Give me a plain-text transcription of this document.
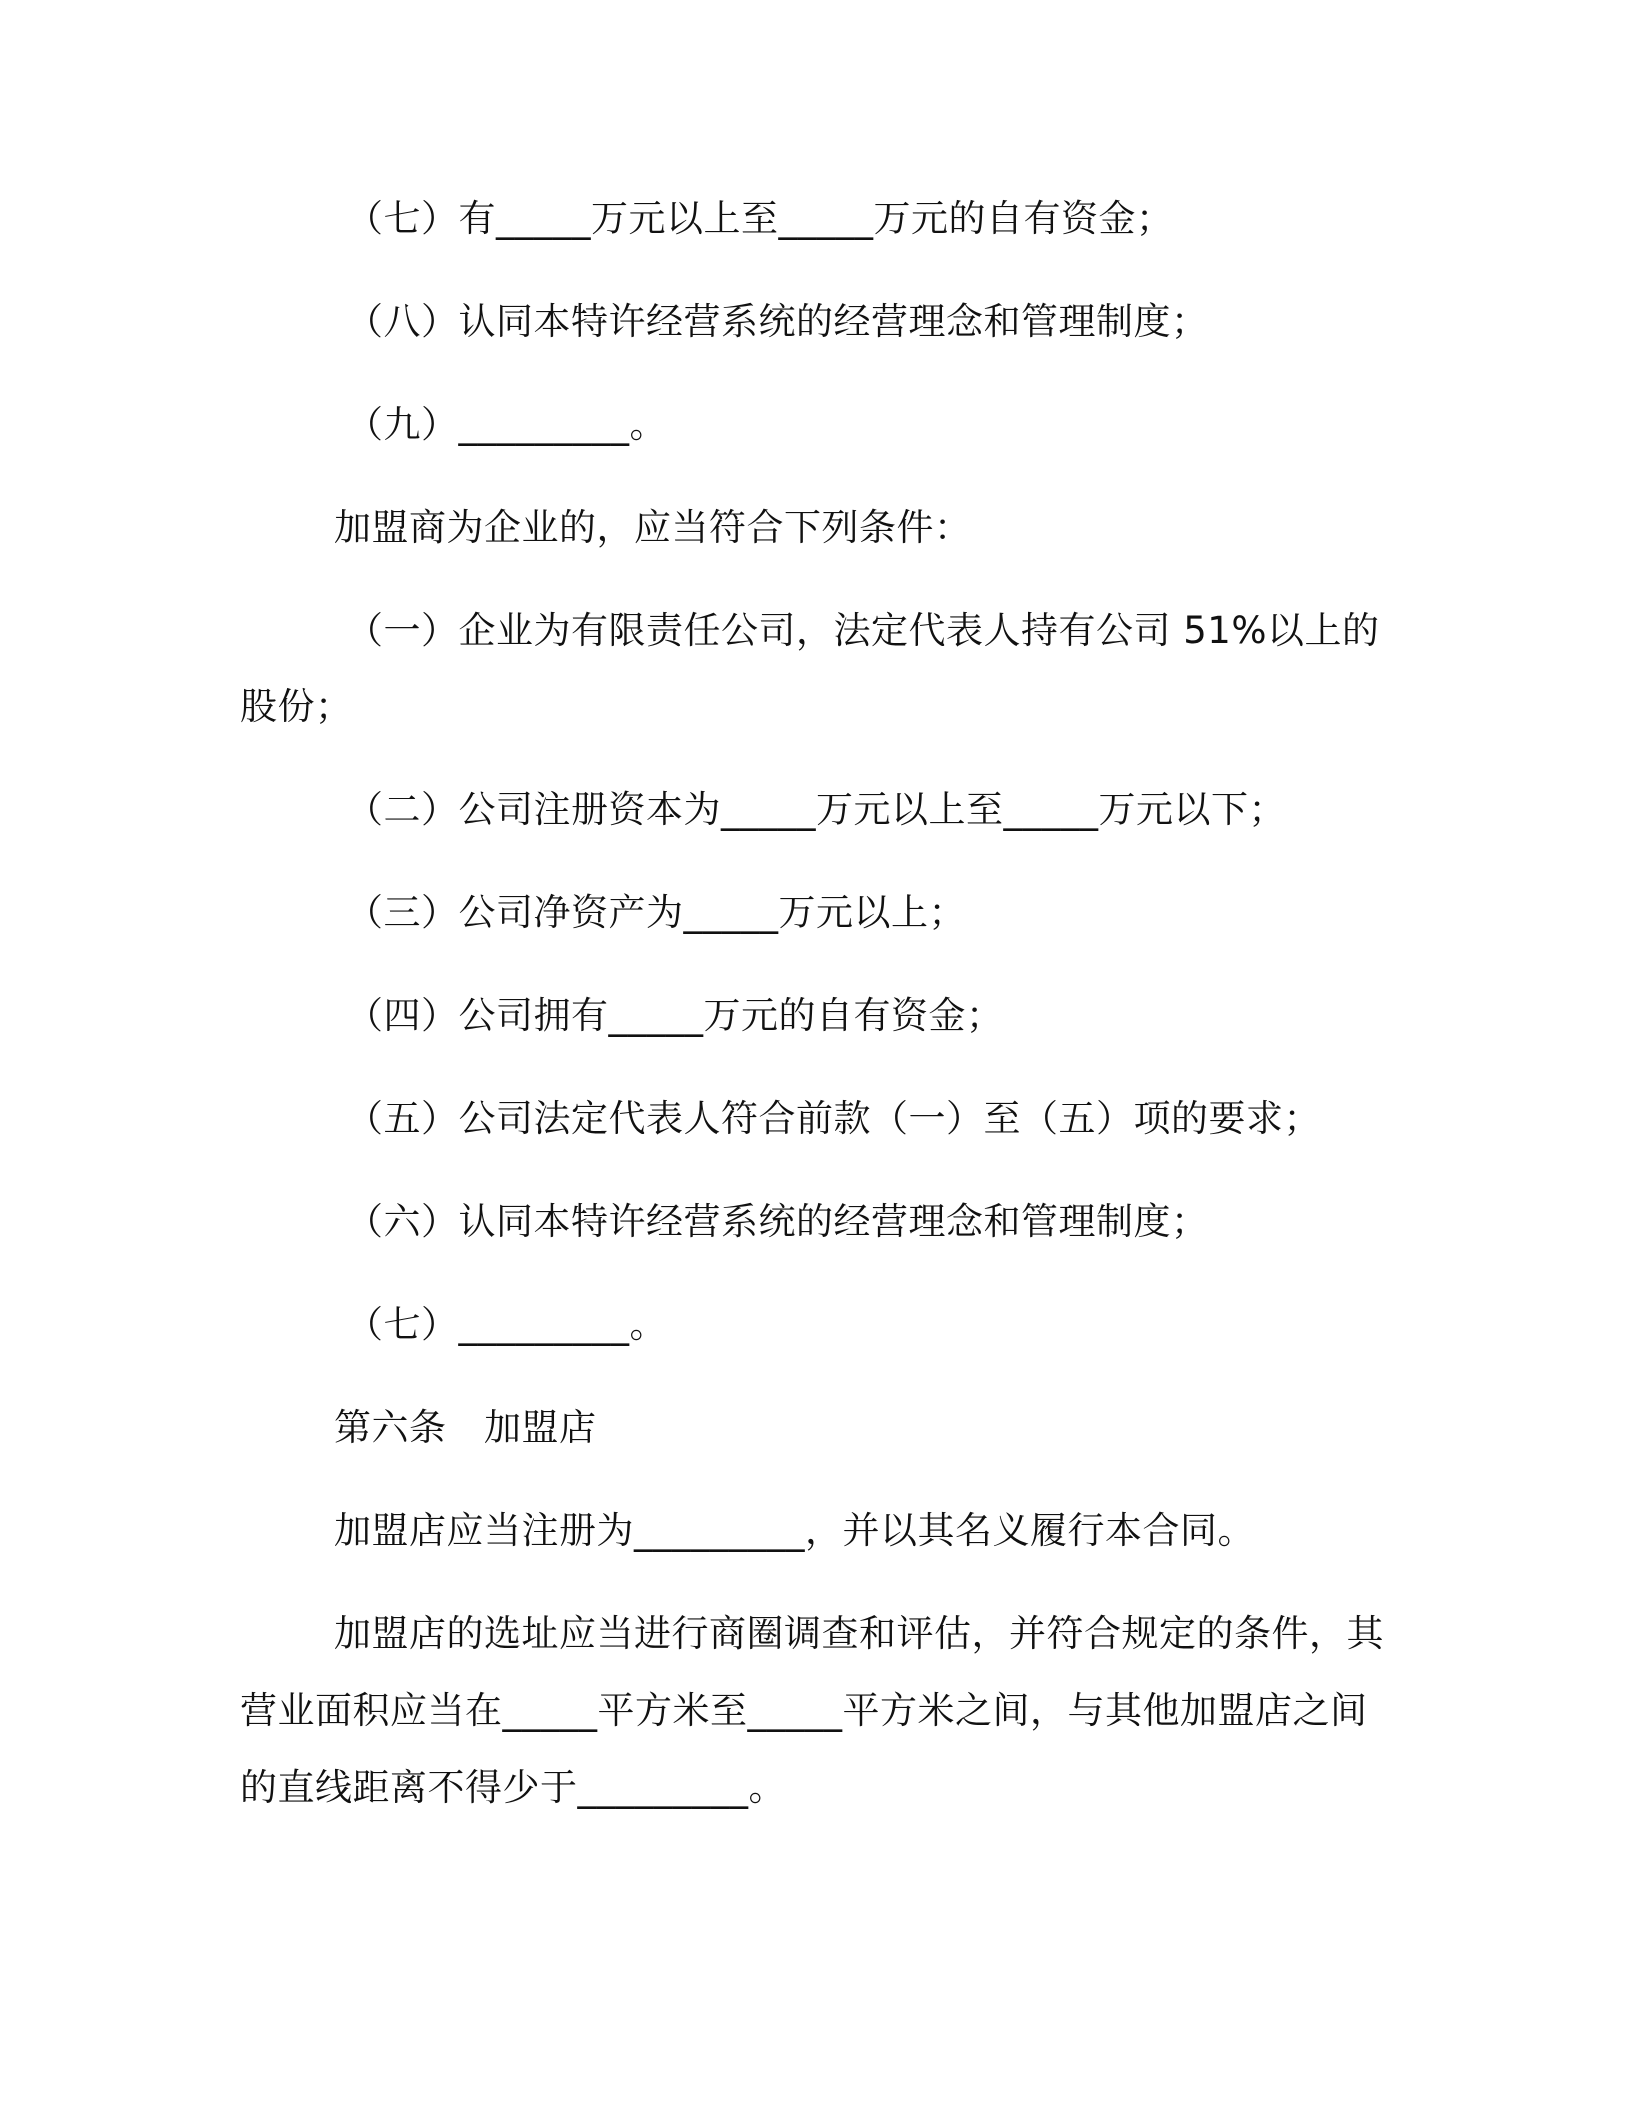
（七）有_____万元以上至_____万元的自有资金；
（八）认同本特许经营系统的经营理念和管理制度；
（九）_________。
加盟商为企业的，应当符合下列条件：
（一）企业为有限责任公司，法定代表人持有公司 51%以上的
股份；
（二）公司注册资本为_____万元以上至_____万元以下；
（三）公司净资产为_____万元以上；
（四）公司拥有_____万元的自有资金；
（五）公司法定代表人符合前款（一）至（五）项的要求；
（六）认同本特许经营系统的经营理念和管理制度；
（七）_________。
第六条　加盟店
加盟店应当注册为_________，并以其名义履行本合同。
加盟店的选址应当进行商圈调查和评估，并符合规定的条件，其
营业面积应当在_____平方米至_____平方米之间，与其他加盟店之间
的直线距离不得少于_________。
